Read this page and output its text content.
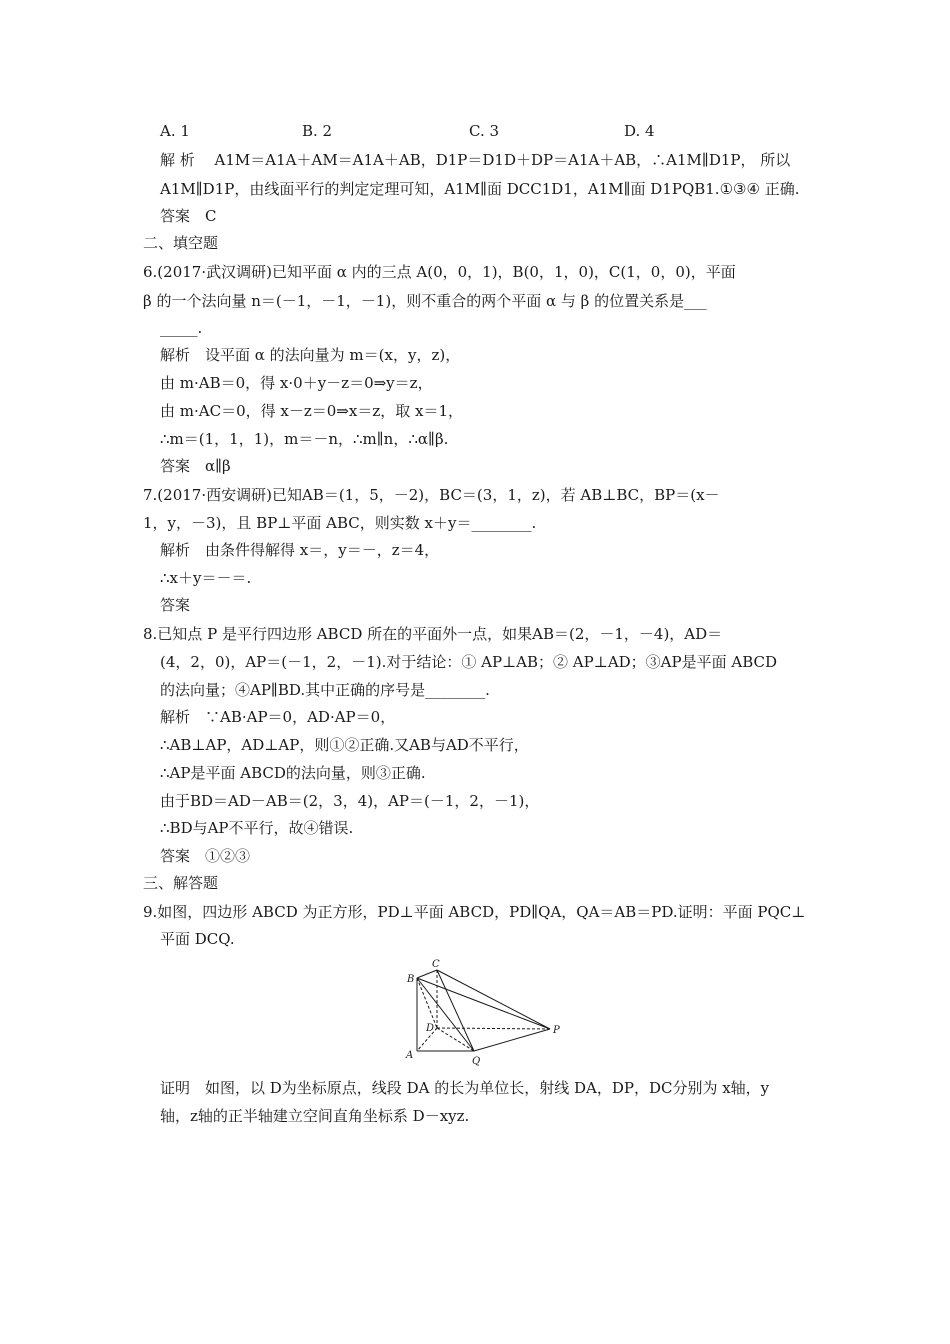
A. 1	B. 2	C. 3	D. 4
解 析　 A1M＝A1A＋AM＝A1A＋AB，D1P＝D1D＋DP＝A1A＋AB，∴A1M∥D1P， 所以
A1M∥D1P，由线面平行的判定定理可知，A1M∥面 DCC1D1，A1M∥面 D1PQB1.①③④ 正确.
答案　C
二、填空题
6.(2017·武汉调研)已知平面 α 内的三点 A(0，0，1)，B(0，1，0)，C(1，0，0)，平面
β 的一个法向量 n＝(－1，－1，－1)，则不重合的两个平面 α 与 β 的位置关系是___
_____.
解析　设平面 α 的法向量为 m＝(x，y，z)，
由 m·AB＝0，得 x·0＋y－z＝0⇒y＝z，
由 m·AC＝0，得 x－z＝0⇒x＝z，取 x＝1，
∴m＝(1，1，1)，m＝－n，∴m∥n，∴α∥β.
答案　α∥β
7.(2017·西安调研)已知AB＝(1，5，－2)，BC＝(3，1，z)，若 AB⊥BC，BP＝(x－
1，y，－3)，且 BP⊥平面 ABC，则实数 x＋y＝________.
解析　由条件得解得 x＝，y＝－，z＝4，
∴x＋y＝－＝.
答案
8.已知点 P 是平行四边形 ABCD 所在的平面外一点，如果AB＝(2，－1，－4)，AD＝
(4，2，0)，AP＝(－1，2，－1).对于结论：① AP⊥AB；② AP⊥AD；③AP是平面 ABCD
的法向量；④AP∥BD.其中正确的序号是________.
解析　∵AB·AP＝0，AD·AP＝0，
∴AB⊥AP，AD⊥AP，则①②正确.又AB与AD不平行，
∴AP是平面 ABCD的法向量，则③正确.
由于BD＝AD－AB＝(2，3，4)，AP＝(－1，2，－1)，
∴BD与AP不平行，故④错误.
答案　①②③
三、解答题
9.如图，四边形 ABCD 为正方形，PD⊥平面 ABCD，PD∥QA，QA＝AB＝PD.证明：平面 PQC⊥
平面 DCQ.
C
B
D
A
Q
P
证明　如图，以 D为坐标原点，线段 DA 的长为单位长，射线 DA，DP，DC分别为 x轴，y
轴，z轴的正半轴建立空间直角坐标系 D－xyz.
